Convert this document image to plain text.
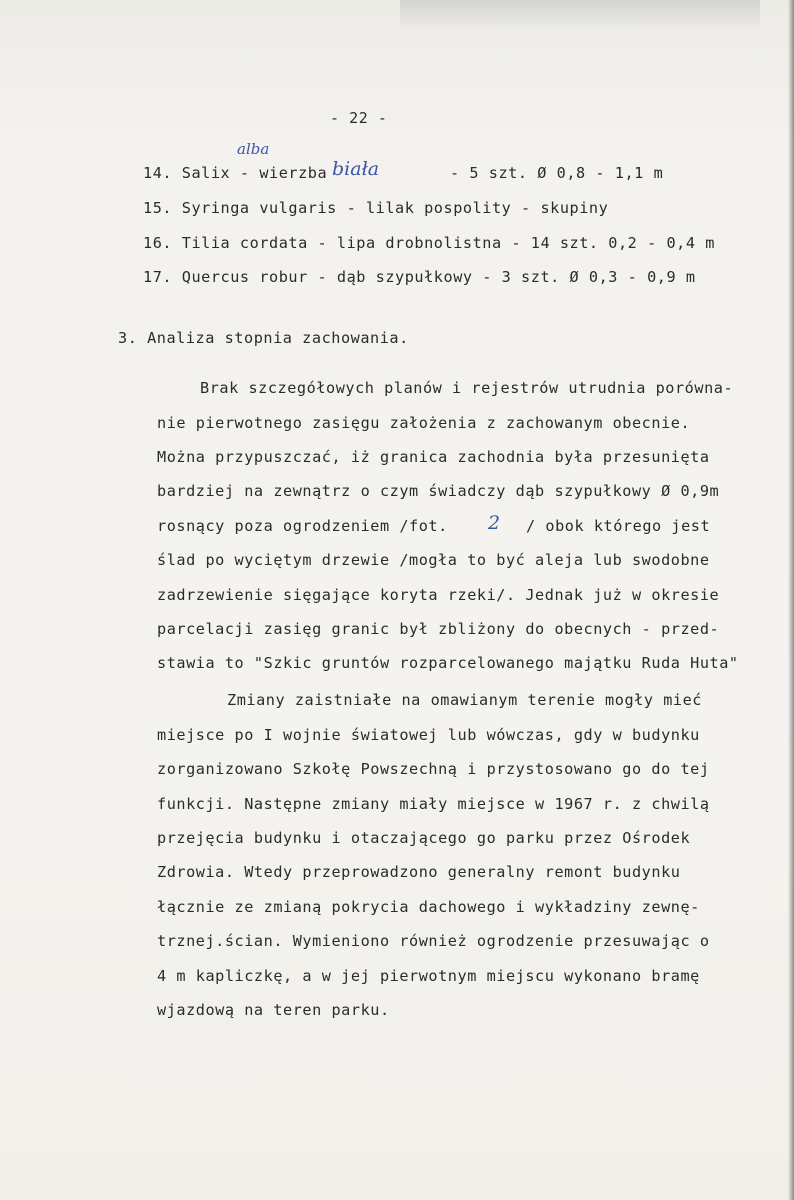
- 22 -
14. Salix - wierzba	- 5 szt. Ø 0,8 - 1,1 m
alba
biała
15. Syringa vulgaris - lilak pospolity - skupiny
16. Tilia cordata - lipa drobnolistna - 14 szt. 0,2 - 0,4 m
17. Quercus robur - dąb szypułkowy - 3 szt. Ø 0,3 - 0,9 m
3. Analiza stopnia zachowania.
Brak szczegółowych planów i rejestrów utrudnia porówna-
nie pierwotnego zasięgu założenia z zachowanym obecnie.
Można przypuszczać, iż granica zachodnia była przesunięta
bardziej na zewnątrz o czym świadczy dąb szypułkowy Ø 0,9m
rosnący poza ogrodzeniem /fot. 2 / obok którego jest
ślad po wyciętym drzewie /mogła to być aleja lub swodobne
zadrzewienie sięgające koryta rzeki/. Jednak już w okresie
parcelacji zasięg granic był zbliżony do obecnych - przed-
stawia to "Szkic gruntów rozparcelowanego majątku Ruda Huta"
Zmiany zaistniałe na omawianym terenie mogły mieć
miejsce po I wojnie światowej lub wówczas, gdy w budynku
zorganizowano Szkołę Powszechną i przystosowano go do tej
funkcji. Następne zmiany miały miejsce w 1967 r. z chwilą
przejęcia budynku i otaczającego go parku przez Ośrodek
Zdrowia. Wtedy przeprowadzono generalny remont budynku
łącznie ze zmianą pokrycia dachowego i wykładziny zewnę-
trznej.ścian. Wymieniono również ogrodzenie przesuwając o
4 m kapliczkę, a w jej pierwotnym miejscu wykonano bramę
wjazdową na teren parku.
